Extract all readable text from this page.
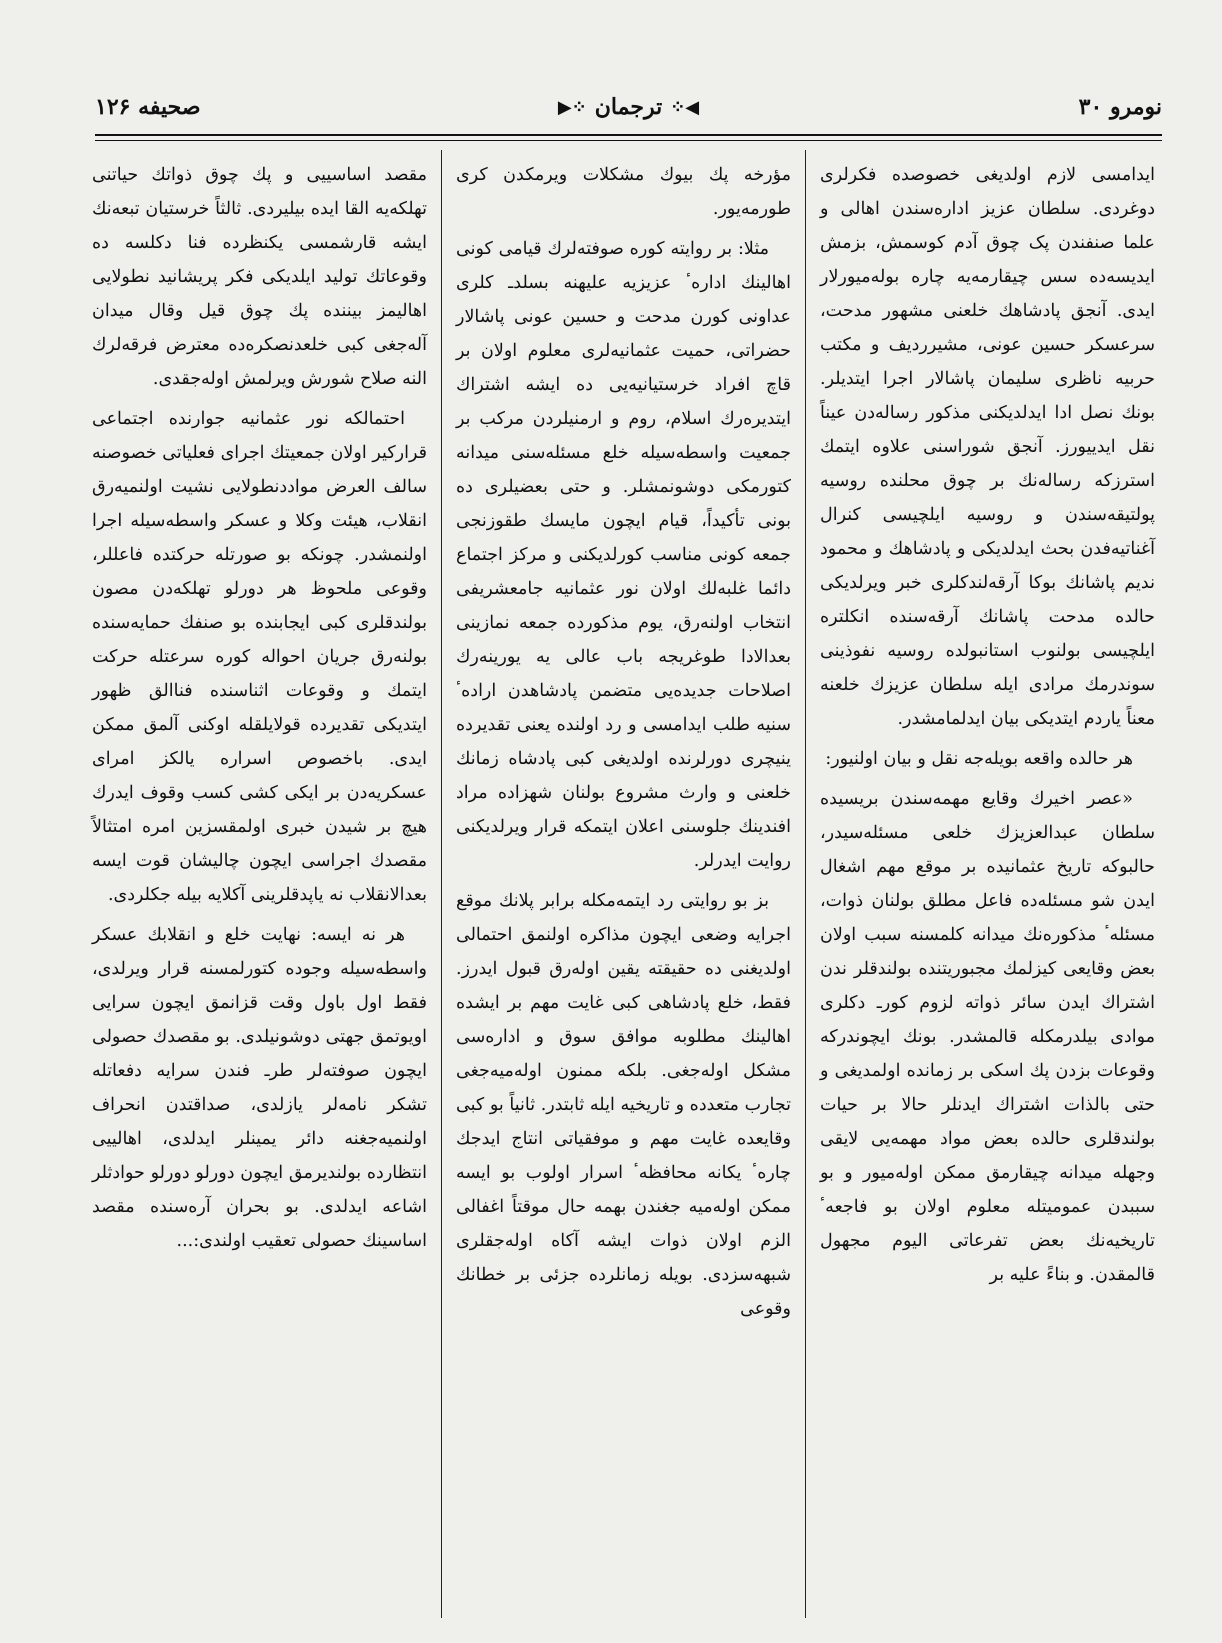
نومرو ۳۰
◀⁘
ترجمان
⁘▶
صحیفه ۱۲۶

ایدامسی لازم اولدیغی خصوصده فکرلری دوغردی. سلطان عزیز ادارەسندن اهالی و علما صنفندن پک چوق آدم کوسمش، بزمش ایدیسەده سس چیقارمەیە چارە بولەمیورلار ایدی. آنجق پادشاهك خلعنی مشهور مدحت، سرعسکر حسین عونی، مشیررديف و مکتب حربیه ناظری سلیمان پاشالار اجرا ایتدیلر. بونك نصل ادا ایدلدیکنی مذکور رسالەدن عیناً نقل ایدیيورز. آنجق شوراسنی علاوه ایتمك استرزکه رسالەنك بر چوق محلنده روسیه پولتیقەسندن و روسیه ایلچیسی کنرال آغناتیەفدن بحث ایدلدیکی و پادشاهك و محمود ندیم پاشانك بوکا آرقەلندکلری خبر ویرلدیکی حالده مدحت پاشانك آرقەسنده انکلترە ایلچیسی بولنوب استانبولده روسیه نفوذینی سوندرمك مرادی ایله سلطان عزیزك خلعنه معناً یاردم ایتدیکی بیان ایدلمامشدر.

هر حالده واقعه بویلەجه نقل و بیان اولنیور:

«عصر اخیرك وقایع مهمەسندن بریسیده سلطان عبدالعزیزك خلعی مسئلەسیدر، حالبوکه تاریخ عثمانیده بر موقع مهم اشغال ایدن شو مسئلەده فاعل مطلق بولنان ذوات، مسئلەٴ مذکورەنك میدانه کلمسنه سبب اولان بعض وقایعی کیزلمك مجبوریتنده بولندقلر ندن اشتراك ایدن سائر ذواته لزوم کورـ دکلری موادی بیلدرمکله قالمشدر. بونك ایچوندرکه وقوعات بزدن پك اسکی بر زمانده اولمدیغی و حتی بالذات اشتراك ایدنلر حالا بر حیات بولندقلری حالده بعض مواد مهمەیی لایقی وجهله میدانه چیقارمق ممکن اولەمیور و بو سببدن عمومیتله معلوم اولان بو فاجعهٴ تاریخیەنك بعض تفرعاتی الیوم مجهول قالمقدن. و بناءً علیه بر

مؤرخه پك بیوك مشکلات ویرمکدن کری طورمەیور.

مثلا: بر روایته کوره صوفتەلرك قیامی کونی اهالینك ادارهٴ عزیزیه علیهنه بسلدـ کلری عداونی کورن مدحت و حسین عونی پاشالار حضراتی، حمیت عثمانیەلری معلوم اولان بر قاچ افراد خرستیانیەیی ده ایشه اشتراك ایتدیرەرك اسلام، روم و ارمنیلردن مرکب بر جمعیت واسطەسیله خلع مسئلەسنی میدانه کتورمکی دوشونمشلر. و حتی بعضیلری ده بونی تأکیداً، قیام ایچون مایسك طقوزنجی جمعه کونی مناسب کورلدیکنی و مرکز اجتماع دائما غلبەلك اولان نور عثمانیه جامعشریفی انتخاب اولنەرق، یوم مذکورده جمعه نمازینی بعدالادا طوغریجه باب عالی یه یورینەرك اصلاحات جدیدەیی متضمن پادشاهدن ارادهٴ سنیه طلب ایدامسی و رد اولنده یعنی تقدیرده ینیچری دورلرنده اولدیغی کبی پادشاه زمانك خلعنی و وارث مشروع بولنان شهزاده مراد افندینك جلوسنی اعلان ایتمکه قرار ویرلدیکنی روایت ایدرلر.

بز بو روایتی رد ایتمەمکله برابر پلانك موقع اجرایه وضعی ایچون مذاکره اولنمق احتمالی اولدیغنی ده حقیقته یقین اولەرق قبول ایدرز. فقط، خلع پادشاهی کبی غایت مهم بر ایشده اهالینك مطلوبه موافق سوق و ادارەسی مشکل اولەجغی. بلکه ممنون اولەمیەجغی تجارب متعدده و تاریخیه ایله ثابتدر. ثانیاً بو کبی وقایعده غایت مهم و موفقیاتی انتاج ایدجك چارهٴ یکانه محافظهٴ اسرار اولوب بو ایسه ممکن اولەمیه جغندن بهمه حال موقتاً اغفالی الزم اولان ذوات ایشه آکاه اولەجقلری شبهەسزدی. بویله زمانلرده جزئی بر خطانك وقوعی

مقصد اساسییی و پك چوق ذواتك حیاتنی تهلکەیه القا ایده بیلیردی. ثالثاً خرستیان تبعەنك ایشه قارشمسی یکنظرده فنا دکلسه ده وقوعاتك تولید ایلدیکی فکر پریشانید نطولایی اهالیمز بیننده پك چوق قیل وقال میدان آلەجغی کبی خلعدنصکره‌ده معترض فرقەلرك النه صلاح شورش ویرلمش اولەجقدی.

احتمالکه نور عثمانیه جوارنده اجتماعی قرارکیر اولان جمعیتك اجرای فعلیاتی خصوصنه سالف العرض مواددنطولایی نشیت اولنمیەرق انقلاب، هیئت وکلا و عسکر واسطەسیله اجرا اولنمشدر. چونکه بو صورتله حرکتده فاعللر، وقوعی ملحوظ هر دورلو تهلکەدن مصون بولندقلری کبی ایجابنده بو صنفك حمایەسنده بولنەرق جریان احواله کوره سرعتله حرکت ایتمك و وقوعات اثناسنده فناالق ظهور ایتدیکی تقدیرده قولایلقله اوکنی آلمق ممکن ایدی. باخصوص اسراره یالکز امرای عسکریەدن بر ایکی کشی کسب وقوف ایدرك هیچ بر شیدن خبری اولمقسزین امره امتثالاً مقصدك اجراسی ایچون چالیشان قوت ایسه بعدالانقلاب نه یاپدقلرینی آکلایه بیله جکلردی.

هر نه ایسه: نهایت خلع و انقلابك عسکر واسطەسیله وجوده کتورلمسنه قرار ویرلدی، فقط اول باول وقت قزانمق ایچون سرایی اویوتمق جهتی دوشونیلدی. بو مقصدك حصولی ایچون صوفتەلر طرـ فندن سرایه دفعاتله تشکر نامەلر یازلدی، صداقتدن انحراف اولنمیەجغنه دائر یمینلر ایدلدی، اهالییی انتظارده بولندیرمق ایچون دورلو دورلو حوادثلر اشاعه ایدلدی. بو بحران آرەسنده مقصد اساسینك حصولی تعقیب اولندی:...
